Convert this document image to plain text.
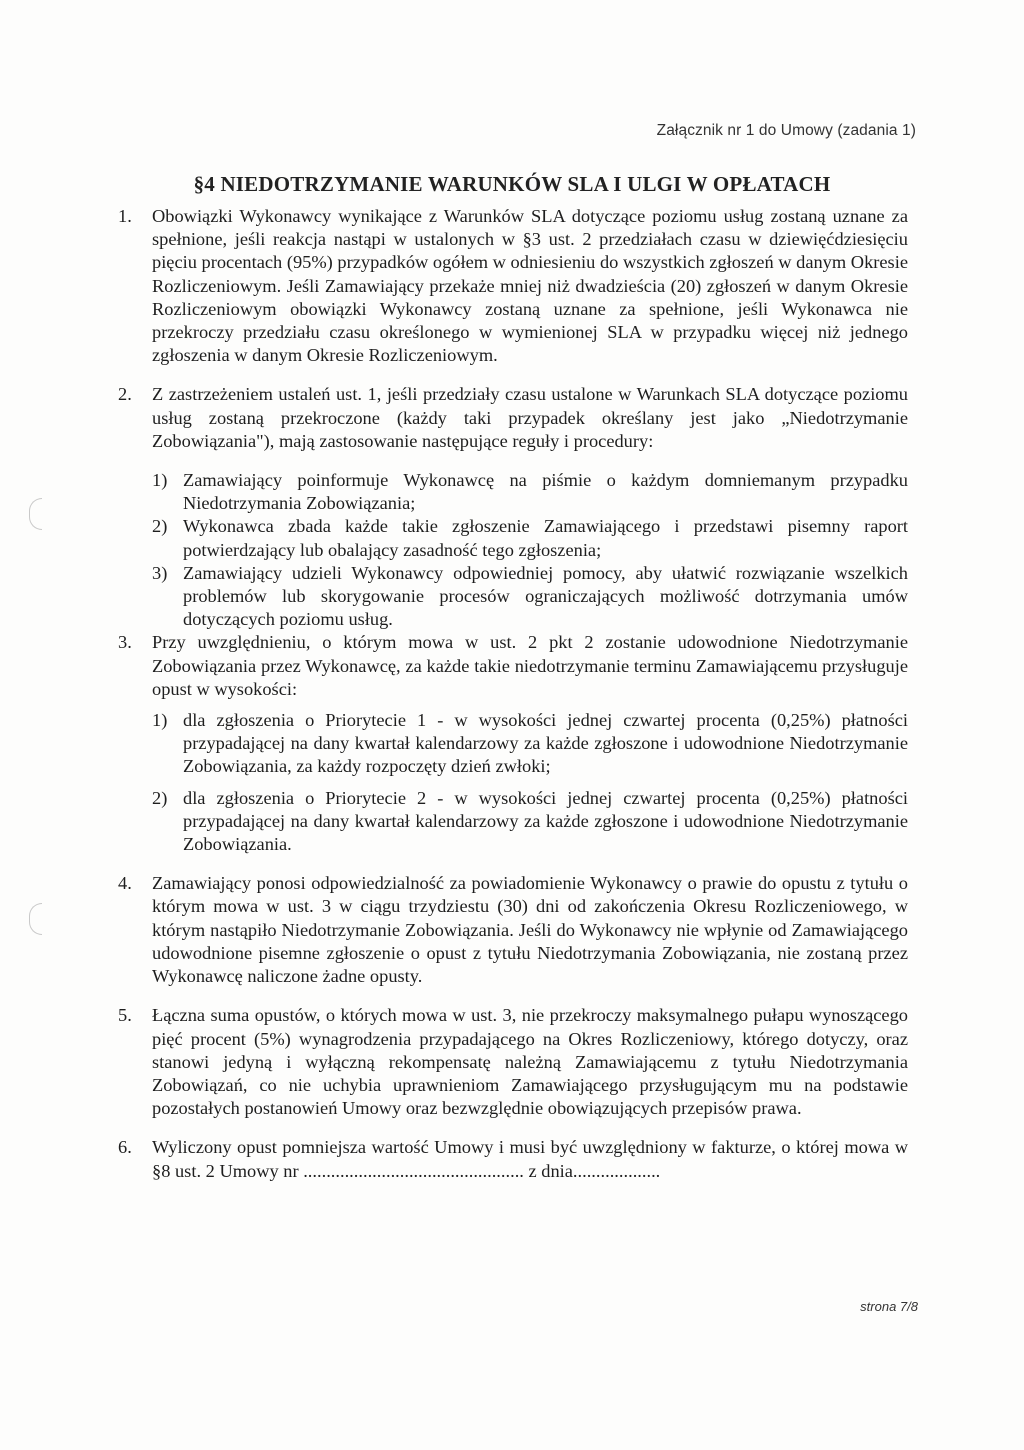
Załącznik nr 1 do Umowy (zadania 1)
§4 NIEDOTRZYMANIE WARUNKÓW SLA I ULGI W OPŁATACH
1.	Obowiązki Wykonawcy wynikające z Warunków SLA dotyczące poziomu usług zostaną uznane za spełnione, jeśli reakcja nastąpi w ustalonych w §3 ust. 2 przedziałach czasu w dziewięćdziesięciu pięciu procentach (95%) przypadków ogółem w odniesieniu do wszystkich zgłoszeń w danym Okresie Rozliczeniowym. Jeśli Zamawiający przekaże mniej niż dwadzieścia (20) zgłoszeń w danym Okresie Rozliczeniowym obowiązki Wykonawcy zostaną uznane za spełnione, jeśli Wykonawca nie przekroczy przedziału czasu określonego w wymienionej SLA w przypadku więcej niż jednego zgłoszenia w danym Okresie Rozliczeniowym.
2.	Z zastrzeżeniem ustaleń ust. 1, jeśli przedziały czasu ustalone w Warunkach SLA dotyczące poziomu usług zostaną przekroczone (każdy taki przypadek określany jest jako „Niedotrzymanie Zobowiązania"), mają zastosowanie następujące reguły i procedury:
1) Zamawiający poinformuje Wykonawcę na piśmie o każdym domniemanym przypadku Niedotrzymania Zobowiązania;
2) Wykonawca zbada każde takie zgłoszenie Zamawiającego i przedstawi pisemny raport potwierdzający lub obalający zasadność tego zgłoszenia;
3) Zamawiający udzieli Wykonawcy odpowiedniej pomocy, aby ułatwić rozwiązanie wszelkich problemów lub skorygowanie procesów ograniczających możliwość dotrzymania umów dotyczących poziomu usług.
3.	Przy uwzględnieniu, o którym mowa w ust. 2 pkt 2 zostanie udowodnione Niedotrzymanie Zobowiązania przez Wykonawcę, za każde takie niedotrzymanie terminu Zamawiającemu przysługuje opust w wysokości:
1) dla zgłoszenia o Priorytecie 1 - w wysokości jednej czwartej procenta (0,25%) płatności przypadającej na dany kwartał kalendarzowy za każde zgłoszone i udowodnione Niedotrzymanie Zobowiązania, za każdy rozpoczęty dzień zwłoki;
2) dla zgłoszenia o Priorytecie 2 - w wysokości jednej czwartej procenta (0,25%) płatności przypadającej na dany kwartał kalendarzowy za każde zgłoszone i udowodnione Niedotrzymanie Zobowiązania.
4.	Zamawiający ponosi odpowiedzialność za powiadomienie Wykonawcy o prawie do opustu z tytułu o którym mowa w ust. 3 w ciągu trzydziestu (30) dni od zakończenia Okresu Rozliczeniowego, w którym nastąpiło Niedotrzymanie Zobowiązania. Jeśli do Wykonawcy nie wpłynie od Zamawiającego udowodnione pisemne zgłoszenie o opust z tytułu Niedotrzymania Zobowiązania, nie zostaną przez Wykonawcę naliczone żadne opusty.
5.	Łączna suma opustów, o których mowa w ust. 3, nie przekroczy maksymalnego pułapu wynoszącego pięć procent (5%) wynagrodzenia przypadającego na Okres Rozliczeniowy, którego dotyczy, oraz stanowi jedyną i wyłączną rekompensatę należną Zamawiającemu z tytułu Niedotrzymania Zobowiązań, co nie uchybia uprawnieniom Zamawiającego przysługującym mu na podstawie pozostałych postanowień Umowy oraz bezwzględnie obowiązujących przepisów prawa.
6.	Wyliczony opust pomniejsza wartość Umowy i musi być uwzględniony w fakturze, o której mowa w §8 ust. 2 Umowy nr ................................................ z dnia...................
strona 7/8
